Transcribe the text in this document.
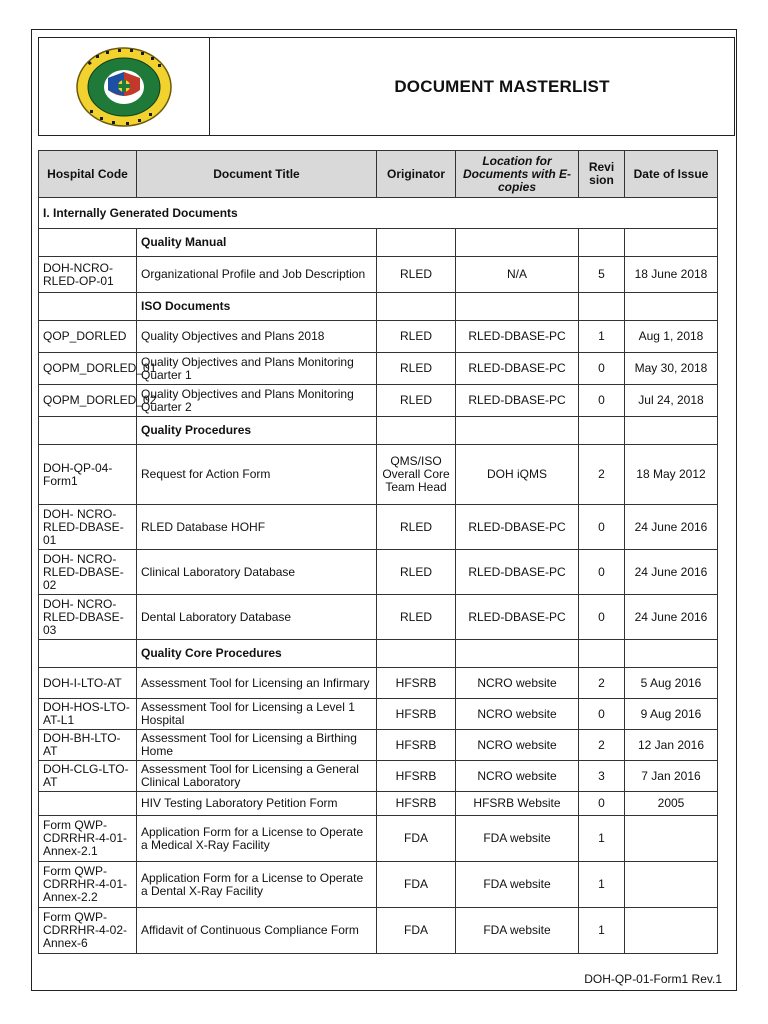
DOCUMENT MASTERLIST
Hospital Code	Document Title	Originator	Location for Documents with E-copies	Revi sion	Date of Issue
I. Internally Generated Documents					
	Quality Manual				
DOH-NCRO-RLED-OP-01	Organizational Profile and Job Description	RLED	N/A	5	18 June 2018
	ISO Documents				
QOP_DORLED	Quality Objectives and Plans 2018	RLED	RLED-DBASE-PC	1	Aug 1, 2018
QOPM_DORLED_01	Quality Objectives and Plans Monitoring Quarter 1	RLED	RLED-DBASE-PC	0	May 30, 2018
QOPM_DORLED_02	Quality Objectives and Plans Monitoring Quarter 2	RLED	RLED-DBASE-PC	0	Jul 24, 2018
	Quality Procedures				
DOH-QP-04-Form1	Request for Action Form	QMS/ISO Overall Core Team Head	DOH iQMS	2	18 May 2012
DOH- NCRO-RLED-DBASE-01	RLED Database HOHF	RLED	RLED-DBASE-PC	0	24 June 2016
DOH- NCRO-RLED-DBASE-02	Clinical Laboratory Database	RLED	RLED-DBASE-PC	0	24 June 2016
DOH- NCRO-RLED-DBASE-03	Dental Laboratory Database	RLED	RLED-DBASE-PC	0	24 June 2016
	Quality Core Procedures				
DOH-I-LTO-AT	Assessment Tool for Licensing an Infirmary	HFSRB	NCRO website	2	5 Aug 2016
DOH-HOS-LTO-AT-L1	Assessment Tool for Licensing a Level 1 Hospital	HFSRB	NCRO website	0	9 Aug 2016
DOH-BH-LTO-AT	Assessment Tool for Licensing a Birthing Home	HFSRB	NCRO website	2	12 Jan 2016
DOH-CLG-LTO-AT	Assessment Tool for Licensing a General Clinical Laboratory	HFSRB	NCRO website	3	7 Jan 2016
	HIV Testing Laboratory Petition Form	HFSRB	HFSRB Website	0	2005
Form QWP-CDRRHR-4-01-Annex-2.1	Application Form for a License to Operate a Medical X-Ray Facility	FDA	FDA website	1	
Form QWP-CDRRHR-4-01-Annex-2.2	Application Form for a License to Operate a Dental X-Ray Facility	FDA	FDA website	1	
Form QWP-CDRRHR-4-02-Annex-6	Affidavit of Continuous Compliance Form	FDA	FDA website	1	
DOH-QP-01-Form1 Rev.1
